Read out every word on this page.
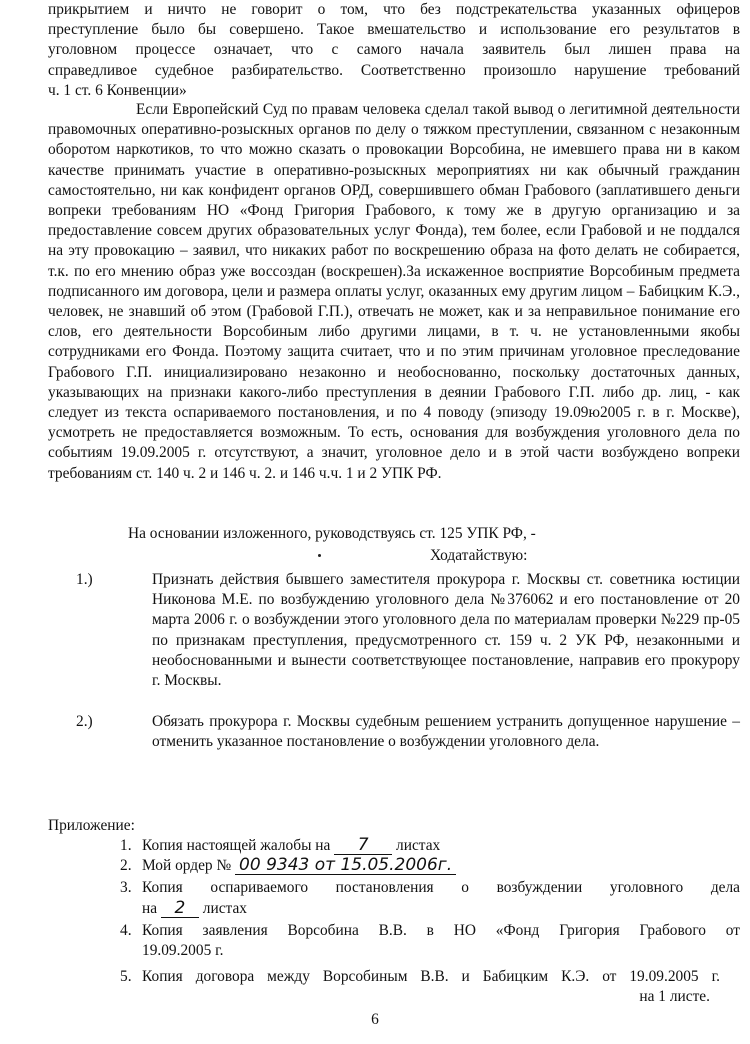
прикрытием и ничто не говорит о том, что без подстрекательства указанных офицеров
преступление было бы совершено. Такое вмешательство и использование его результатов в
уголовном процессе означает, что с самого начала заявитель был лишен права на
справедливое судебное разбирательство. Соответственно произошло нарушение требований
ч. 1 ст. 6 Конвенции»
Если Европейский Суд по правам человека сделал такой вывод о легитимной деятельности правомочных оперативно-розыскных органов по делу о тяжком преступлении, связанном с незаконным оборотом наркотиков, то что можно сказать о провокации Ворсобина, не имевшего права ни в каком качестве принимать участие в оперативно-розыскных мероприятиях ни как обычный гражданин самостоятельно, ни как конфидент органов ОРД, совершившего обман Грабового (заплатившего деньги вопреки требованиям НО «Фонд Григория Грабового, к тому же в другую организацию и за предоставление совсем других образовательных услуг Фонда), тем более, если Грабовой и не поддался на эту провокацию – заявил, что никаких работ по воскрешению образа на фото делать не собирается, т.к. по его мнению образ уже воссоздан (воскрешен).За искаженное восприятие Ворсобиным предмета подписанного им договора, цели и размера оплаты услуг, оказанных ему другим лицом – Бабицким К.Э., человек, не знавший об этом (Грабовой Г.П.), отвечать не может, как и за неправильное понимание его слов, его деятельности Ворсобиным либо другими лицами, в т. ч. не установленными якобы сотрудниками его Фонда. Поэтому защита считает, что и по этим причинам уголовное преследование Грабового Г.П. инициализировано незаконно и необоснованно, поскольку достаточных данных, указывающих на признаки какого-либо преступления в деянии Грабового Г.П. либо др. лиц, - как следует из текста оспариваемого постановления, и по 4 поводу (эпизоду 19.09ю2005 г. в г. Москве), усмотреть не предоставляется возможным. То есть, основания для возбуждения уголовного дела по событиям 19.09.2005 г. отсутствуют, а значит, уголовное дело и в этой части возбуждено вопреки требованиям ст. 140 ч. 2 и 146 ч. 2. и 146 ч.ч. 1 и 2 УПК РФ.
На основании изложенного, руководствуясь ст. 125 УПК РФ, -
Ходатайствую:
1.)	Признать действия бывшего заместителя прокурора г. Москвы ст. советника юстиции Никонова М.Е. по возбуждению уголовного дела №376062 и его постановление от 20 марта 2006 г. о возбуждении этого уголовного дела по материалам проверки №229 пр-05 по признакам преступления, предусмотренного ст. 159 ч. 2 УК РФ, незаконными и необоснованными и вынести соответствующее постановление, направив его прокурору г. Москвы.
2.)	Обязать прокурора г. Москвы судебным решением устранить допущенное нарушение – отменить указанное постановление о возбуждении уголовного дела.
Приложение:
1. Копия настоящей жалобы на 7 листах
2. Мой ордер № 00 9343 от 15.05.2006г.
3. Копия оспариваемого постановления о возбуждении уголовного дела
на 2 листах
4. Копия заявления Ворсобина В.В. в НО «Фонд Григория Грабового от
19.09.2005 г.
5. Копия договора между Ворсобиным В.В. и Бабицким К.Э. от 19.09.2005 г.
на 1 листе.
6
